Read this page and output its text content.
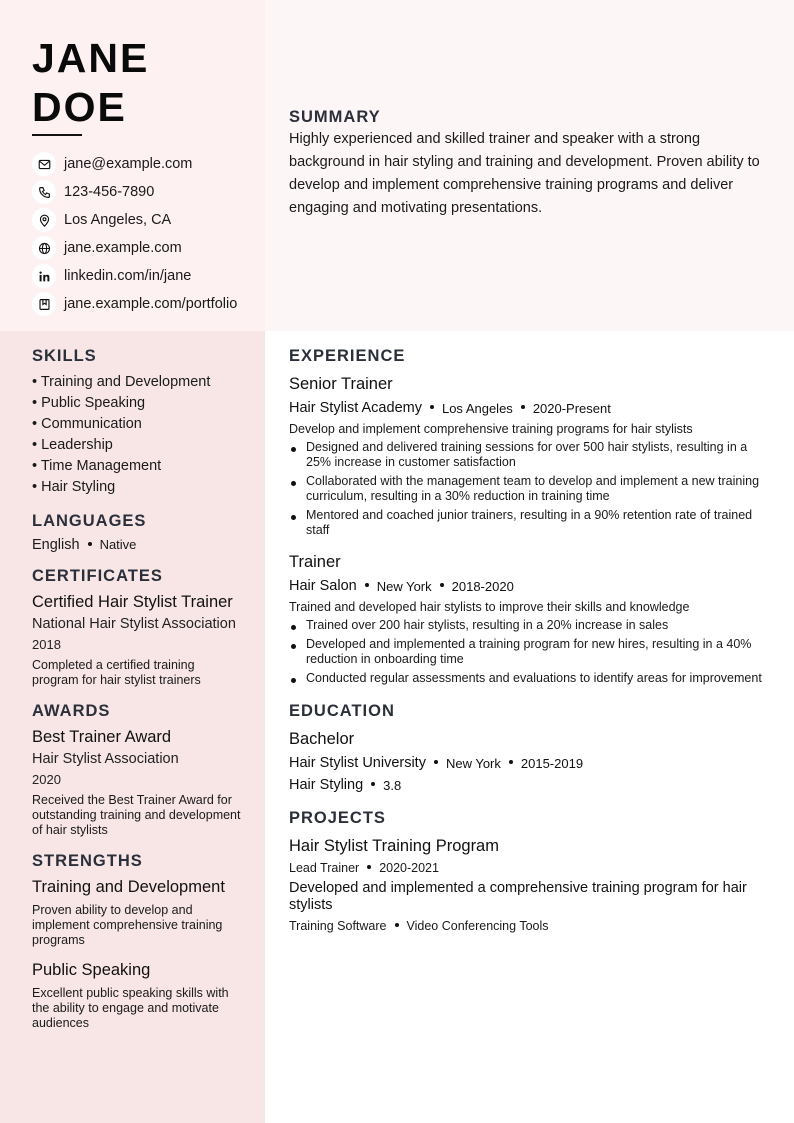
JANE
DOE
jane@example.com
123-456-7890
Los Angeles, CA
jane.example.com
linkedin.com/in/jane
jane.example.com/portfolio
SUMMARY

Highly experienced and skilled trainer and speaker with a strong background in hair styling and training and development. Proven ability to develop and implement comprehensive training programs and deliver engaging and motivating presentations.

SKILLS
• Training and Development
• Public Speaking
• Communication
• Leadership
• Time Management
• Hair Styling
LANGUAGES
English Native
CERTIFICATES
Certified Hair Stylist Trainer
National Hair Stylist Association
2018
Completed a certified training program for hair stylist trainers
AWARDS
Best Trainer Award
Hair Stylist Association
2020
Received the Best Trainer Award for outstanding training and development of hair stylists
STRENGTHS
Training and Development
Proven ability to develop and implement comprehensive training programs
Public Speaking
Excellent public speaking skills with the ability to engage and motivate audiences
EXPERIENCE
Senior Trainer
Hair Stylist Academy Los Angeles 2020-Present
Develop and implement comprehensive training programs for hair stylists
Designed and delivered training sessions for over 500 hair stylists, resulting in a 25% increase in customer satisfaction
Collaborated with the management team to develop and implement a new training curriculum, resulting in a 30% reduction in training time
Mentored and coached junior trainers, resulting in a 90% retention rate of trained staff
Trainer
Hair Salon New York 2018-2020
Trained and developed hair stylists to improve their skills and knowledge
Trained over 200 hair stylists, resulting in a 20% increase in sales
Developed and implemented a training program for new hires, resulting in a 40% reduction in onboarding time
Conducted regular assessments and evaluations to identify areas for improvement
EDUCATION
Bachelor
Hair Stylist University New York 2015-2019
Hair Styling 3.8
PROJECTS
Hair Stylist Training Program
Lead Trainer 2020-2021
Developed and implemented a comprehensive training program for hair stylists
Training Software Video Conferencing Tools
